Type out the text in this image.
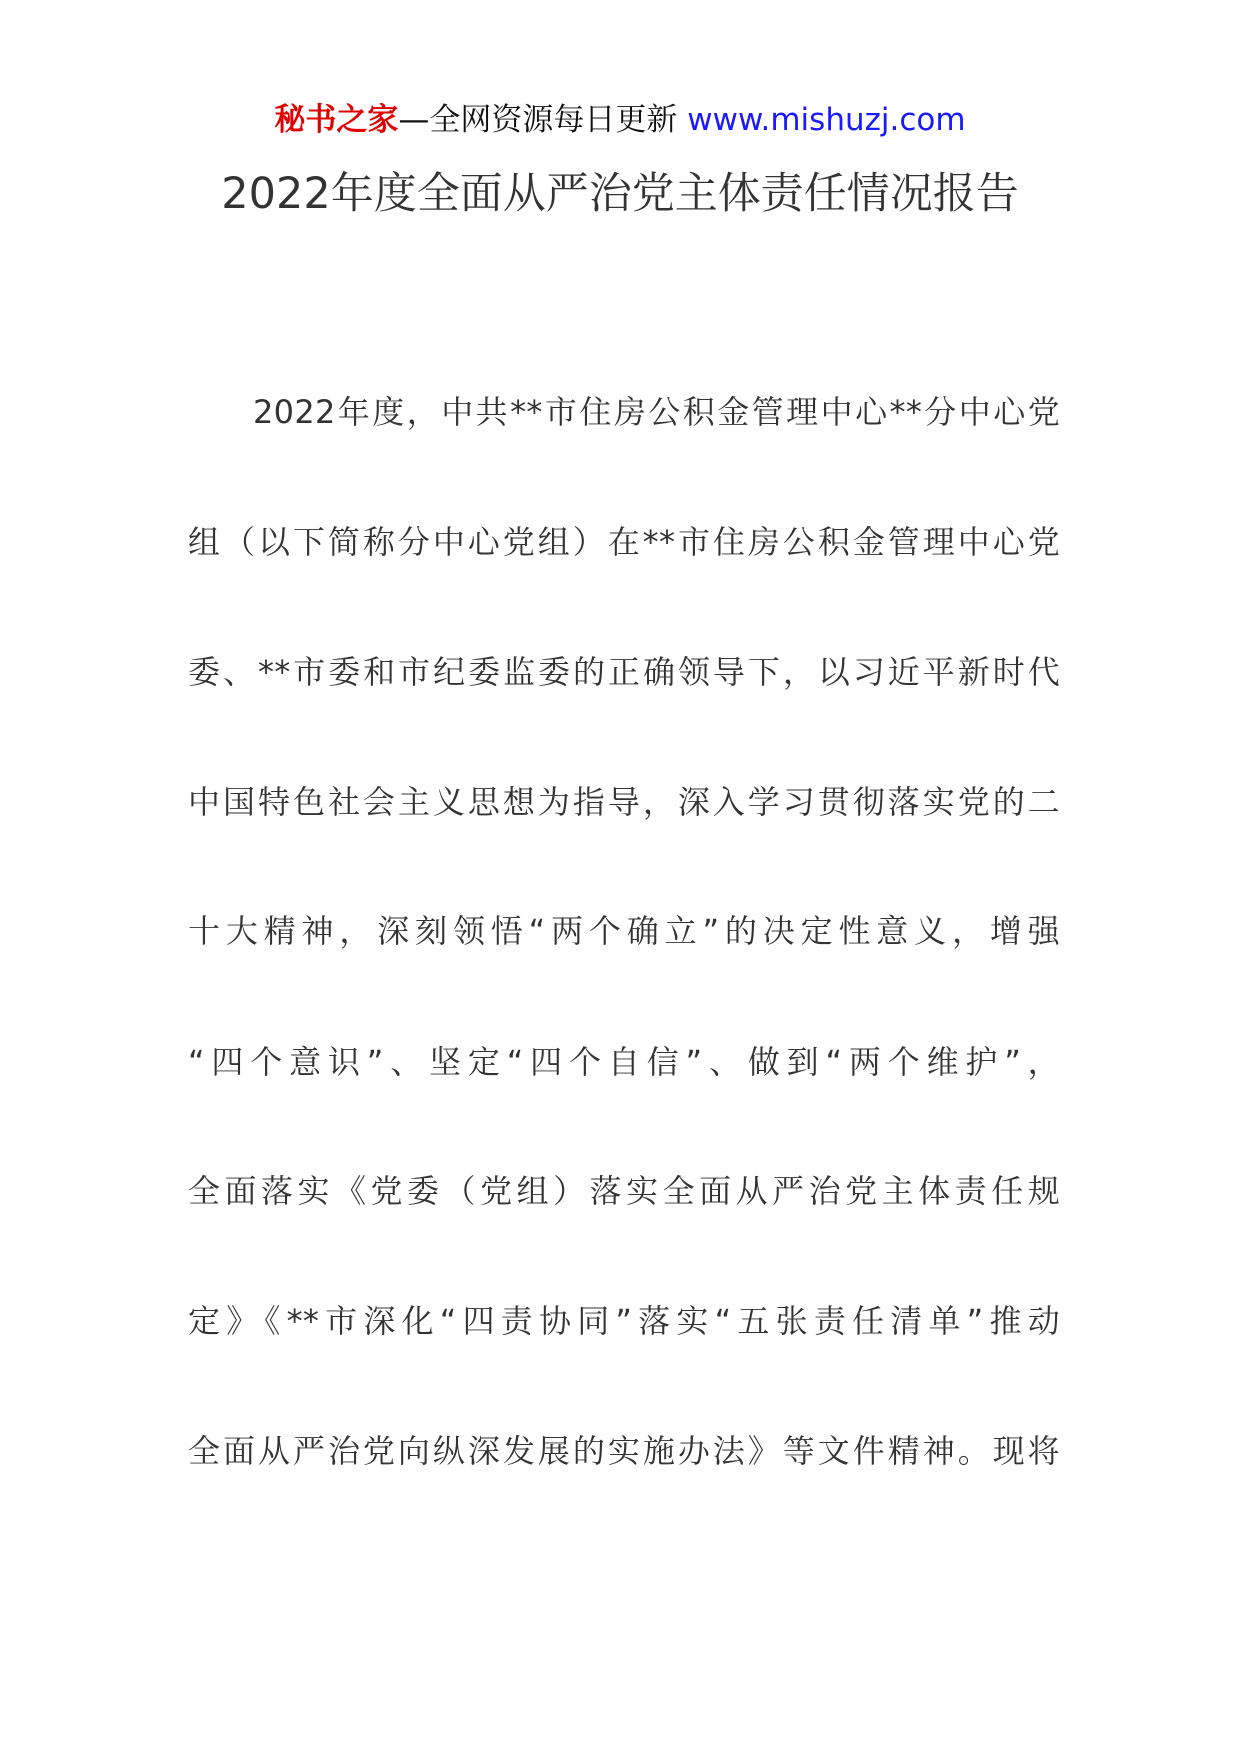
秘书之家—全网资源每日更新 www.mishuzj.com
2022年度全面从严治党主体责任情况报告
2022年度，中共**市住房公积金管理中心**分中心党
组（以下简称分中心党组）在**市住房公积金管理中心党
委、**市委和市纪委监委的正确领导下，以习近平新时代
中国特色社会主义思想为指导，深入学习贯彻落实党的二
十大精神，深刻领悟“两个确立”的决定性意义，增强
“四个意识”、坚定“四个自信”、做到“两个维护”，
全面落实《党委（党组）落实全面从严治党主体责任规
定》《**市深化“四责协同”落实“五张责任清单”推动
全面从严治党向纵深发展的实施办法》等文件精神。现将
